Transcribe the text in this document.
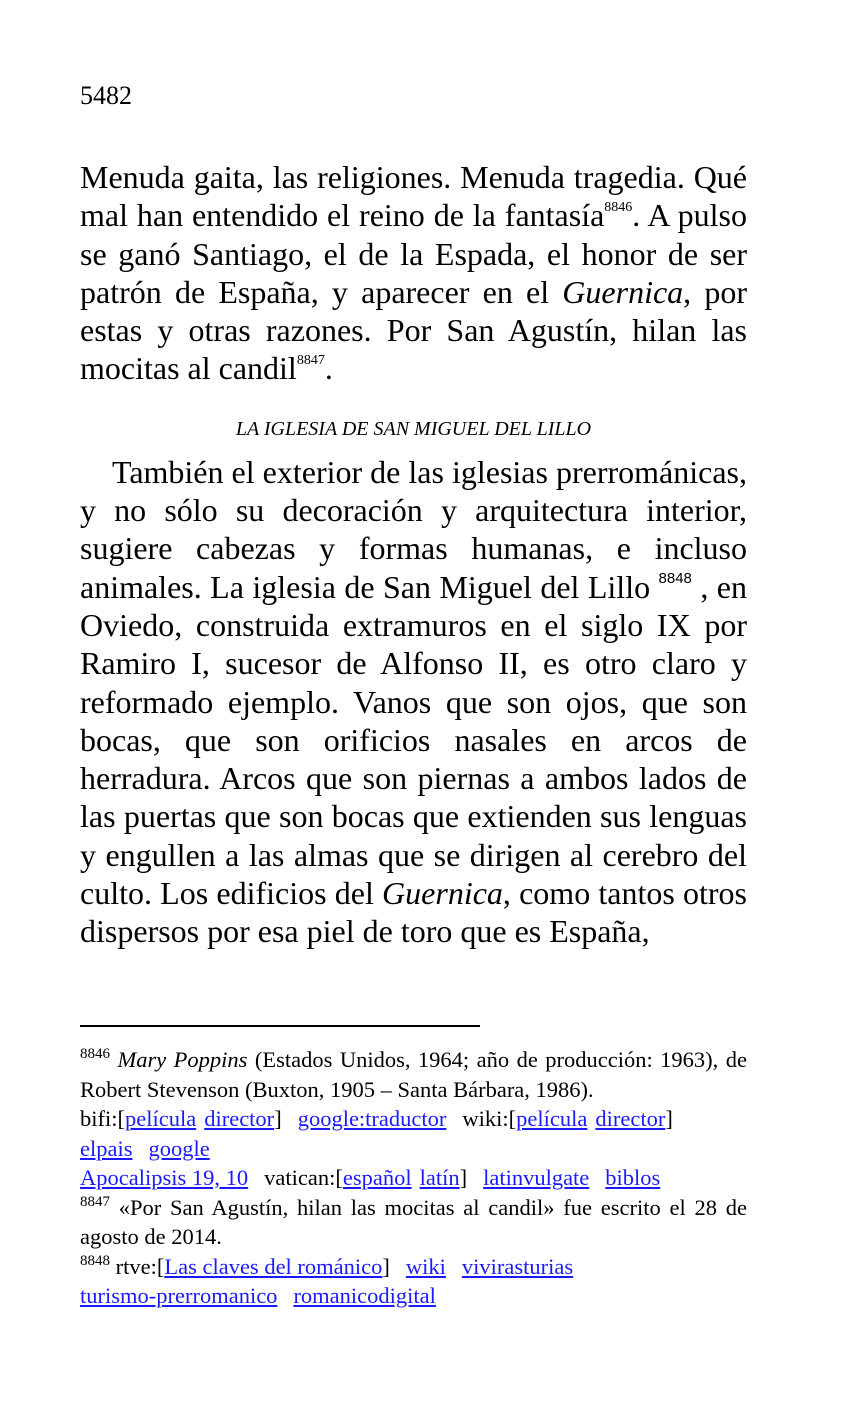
5482

Menuda gaita, las religiones. Menuda tragedia. Qué mal han entendido el reino de la fantasía$^{8846}$. A pulso se ganó Santiago, el de la Espada, el honor de ser patrón de España, y aparecer en el Guernica, por estas y otras razones. Por San Agustín, hilan las mocitas al candil$^{8847}$.

LA IGLESIA DE SAN MIGUEL DEL LILLO

También el exterior de las iglesias prerrománicas, y no sólo su decoración y arquitectura interior, sugiere cabezas y formas humanas, e incluso animales. La iglesia de San Miguel del Lillo $^{8848}$ , en Oviedo, construida extramuros en el siglo IX por Ramiro I, sucesor de Alfonso II, es otro claro y reformado ejemplo. Vanos que son ojos, que son bocas, que son orificios nasales en arcos de herradura. Arcos que son piernas a ambos lados de las puertas que son bocas que extienden sus lenguas y engullen a las almas que se dirigen al cerebro del culto. Los edificios del Guernica, como tantos otros dispersos por esa piel de toro que es España,

$^{8846}$ Mary Poppins (Estados Unidos, 1964; año de producción: 1963), de Robert Stevenson (Buxton, 1905 – Santa Bárbara, 1986).

bifi:[película director] google:traductor wiki:[película director]
elpais google
Apocalipsis 19, 10 vatican:[español latín] latinvulgate biblos

$^{8847}$ «Por San Agustín, hilan las mocitas al candil» fue escrito el 28 de agosto de 2014.

$^{8848}$ rtve:[Las claves del románico] wiki vivirasturias
turismo-prerromanico romanicodigital
